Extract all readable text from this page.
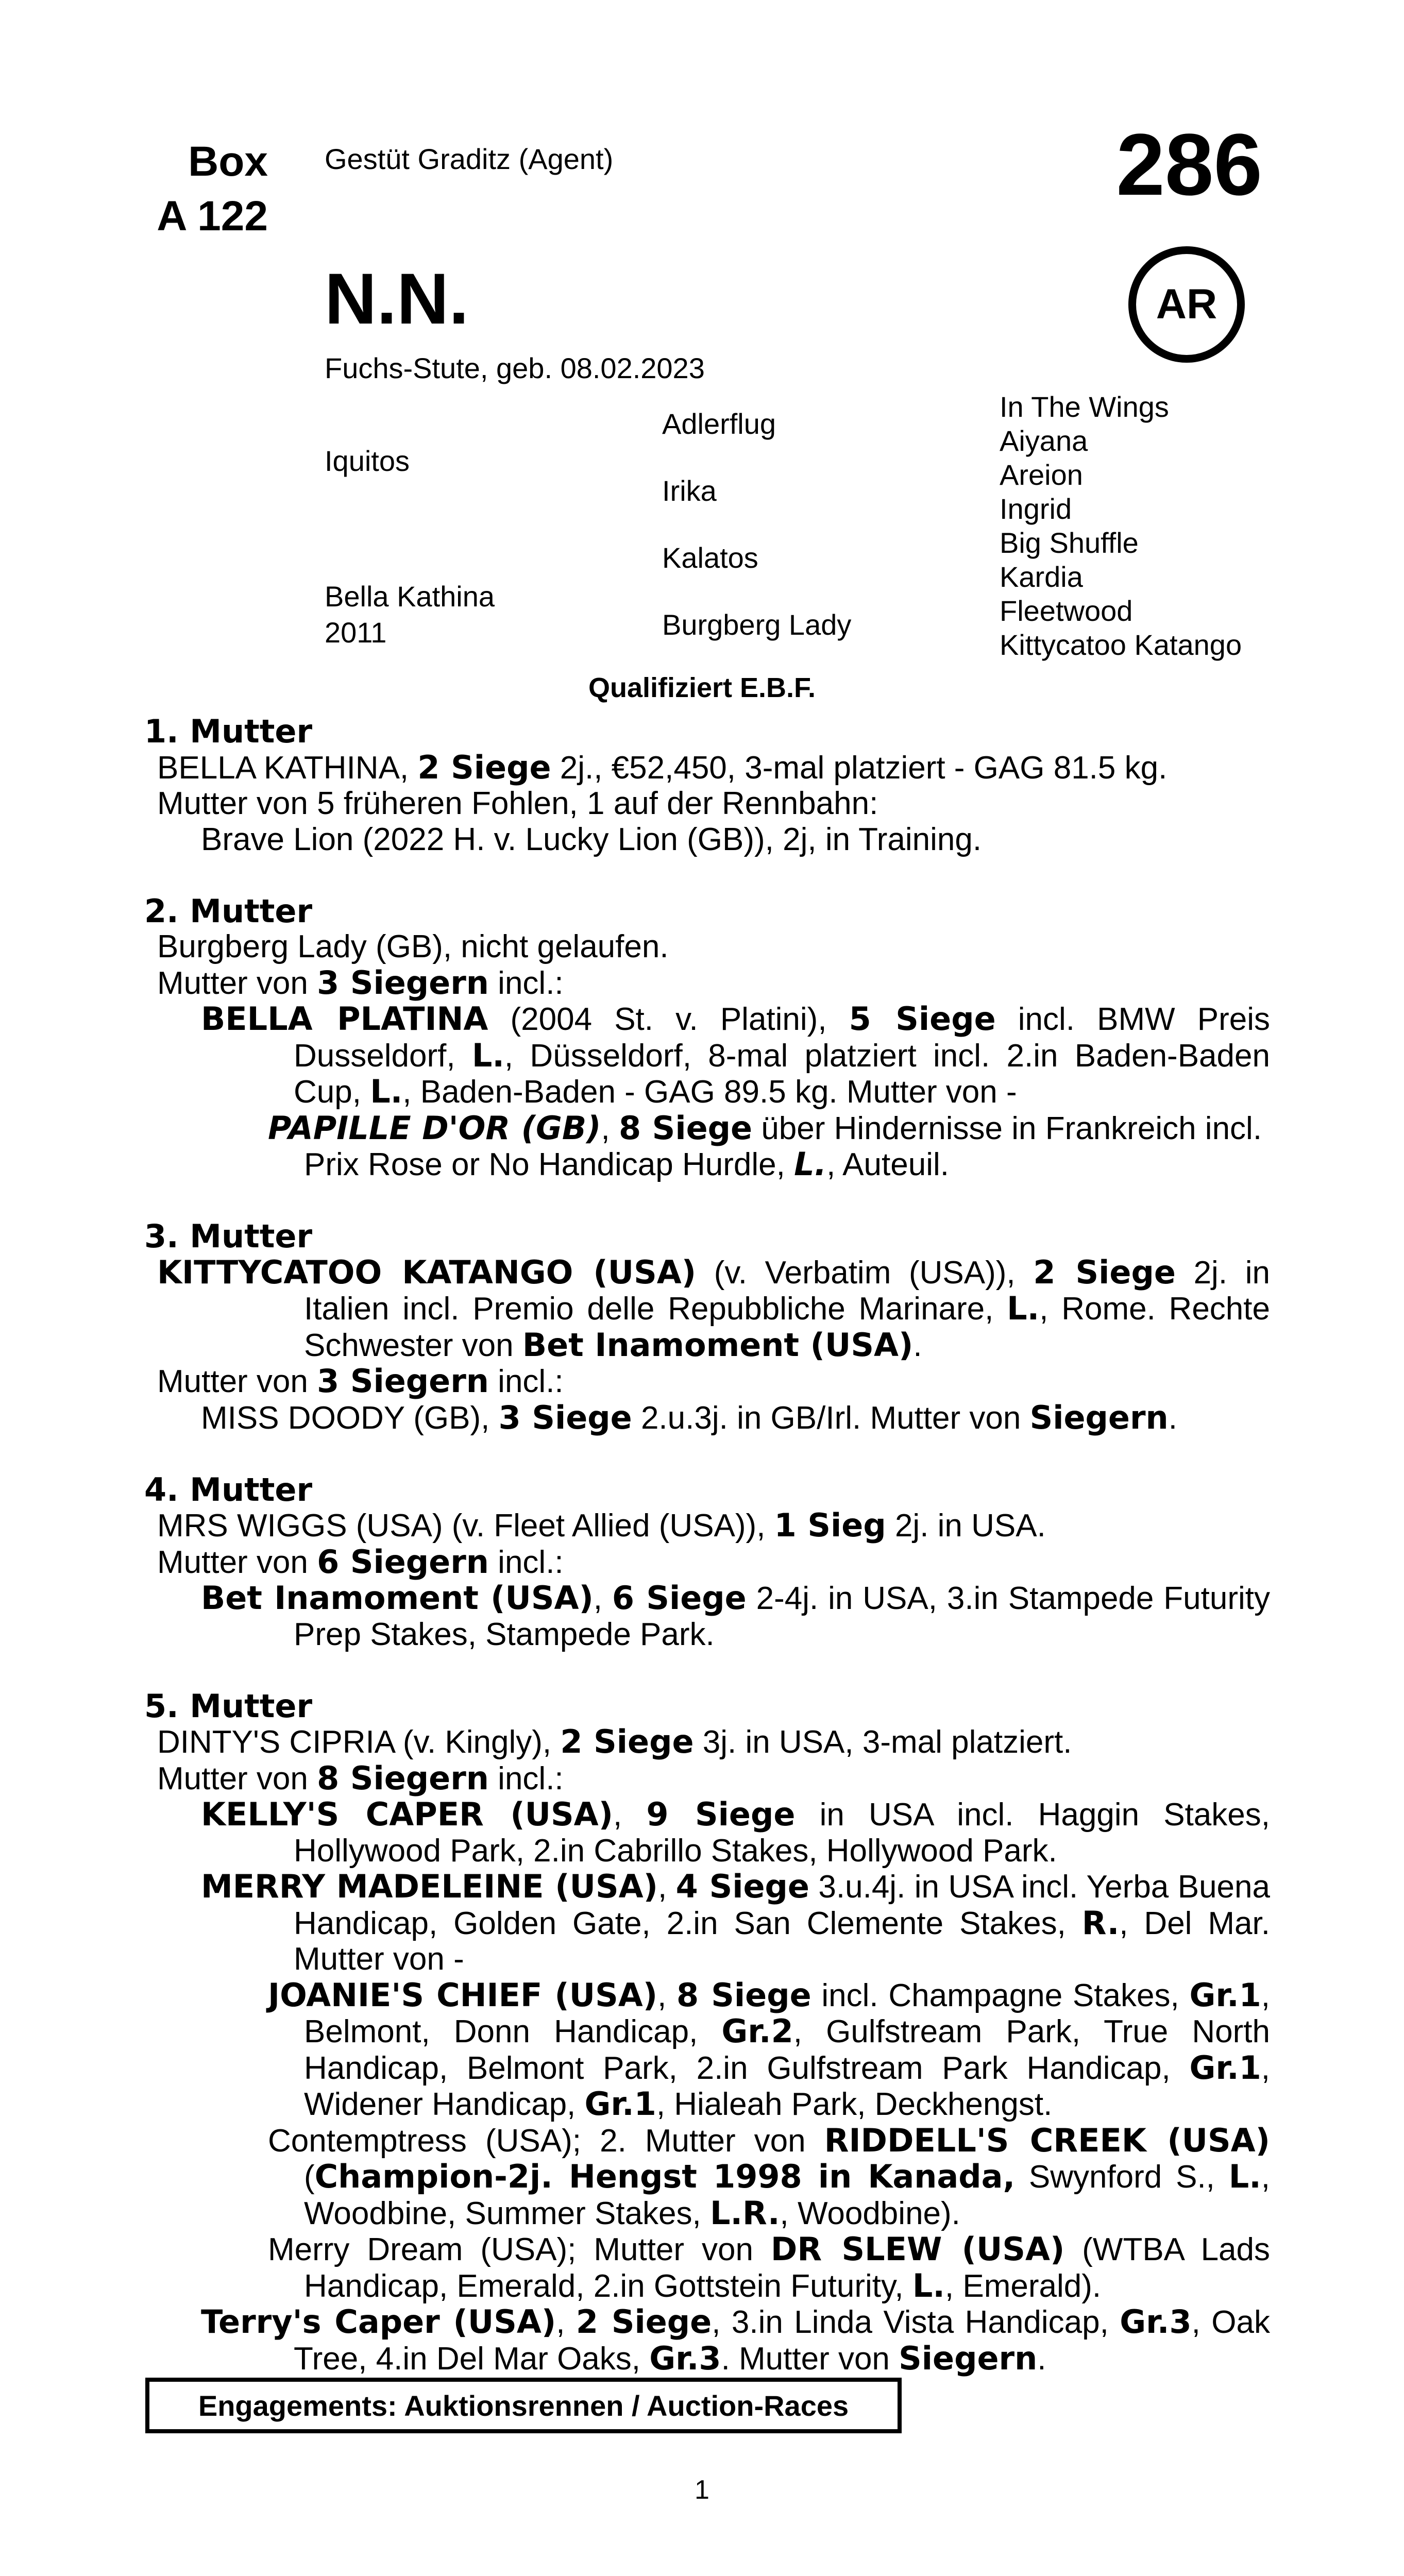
Box
A 122
Gestüt Graditz (Agent)	286
AR
N.N.
Fuchs-Stute, geb. 08.02.2023
Iquitos
Bella Kathina
2011
Adlerflug
Irika
Kalatos
Burgberg Lady
In The Wings
Aiyana
Areion
Ingrid
Big Shuffle
Kardia
Fleetwood
Kittycatoo Katango
Qualifiziert E.B.F.
1. Mutter
BELLA KATHINA, 2 Siege 2j., €52,450, 3-mal platziert - GAG 81.5 kg.
Mutter von 5 früheren Fohlen, 1 auf der Rennbahn:
Brave Lion (2022 H. v. Lucky Lion (GB)), 2j, in Training.
2. Mutter
Burgberg Lady (GB), nicht gelaufen.
Mutter von 3 Siegern incl.:
BELLA PLATINA (2004 St. v. Platini), 5 Siege incl. BMW Preis Dusseldorf, L., Düsseldorf, 8-mal platziert incl. 2.in Baden-Baden Cup, L., Baden-Baden - GAG 89.5 kg. Mutter von -
PAPILLE D'OR (GB), 8 Siege über Hindernisse in Frankreich incl. Prix Rose or No Handicap Hurdle, L., Auteuil.
3. Mutter
KITTYCATOO KATANGO (USA) (v. Verbatim (USA)), 2 Siege 2j. in Italien incl. Premio delle Repubbliche Marinare, L., Rome. Rechte Schwester von Bet Inamoment (USA).
Mutter von 3 Siegern incl.:
MISS DOODY (GB), 3 Siege 2.u.3j. in GB/Irl. Mutter von Siegern.
4. Mutter
MRS WIGGS (USA) (v. Fleet Allied (USA)), 1 Sieg 2j. in USA.
Mutter von 6 Siegern incl.:
Bet Inamoment (USA), 6 Siege 2-4j. in USA, 3.in Stampede Futurity Prep Stakes, Stampede Park.
5. Mutter
DINTY'S CIPRIA (v. Kingly), 2 Siege 3j. in USA, 3-mal platziert.
Mutter von 8 Siegern incl.:
KELLY'S CAPER (USA), 9 Siege in USA incl. Haggin Stakes, Hollywood Park, 2.in Cabrillo Stakes, Hollywood Park.
MERRY MADELEINE (USA), 4 Siege 3.u.4j. in USA incl. Yerba Buena Handicap, Golden Gate, 2.in San Clemente Stakes, R., Del Mar. Mutter von -
JOANIE'S CHIEF (USA), 8 Siege incl. Champagne Stakes, Gr.1, Belmont, Donn Handicap, Gr.2, Gulfstream Park, True North Handicap, Belmont Park, 2.in Gulfstream Park Handicap, Gr.1, Widener Handicap, Gr.1, Hialeah Park, Deckhengst.
Contemptress (USA); 2. Mutter von RIDDELL'S CREEK (USA) (Champion-2j. Hengst 1998 in Kanada, Swynford S., L., Woodbine, Summer Stakes, L.R., Woodbine).
Merry Dream (USA); Mutter von DR SLEW (USA) (WTBA Lads Handicap, Emerald, 2.in Gottstein Futurity, L., Emerald).
Terry's Caper (USA), 2 Siege, 3.in Linda Vista Handicap, Gr.3, Oak Tree, 4.in Del Mar Oaks, Gr.3. Mutter von Siegern.
Engagements: Auktionsrennen / Auction-Races
1
